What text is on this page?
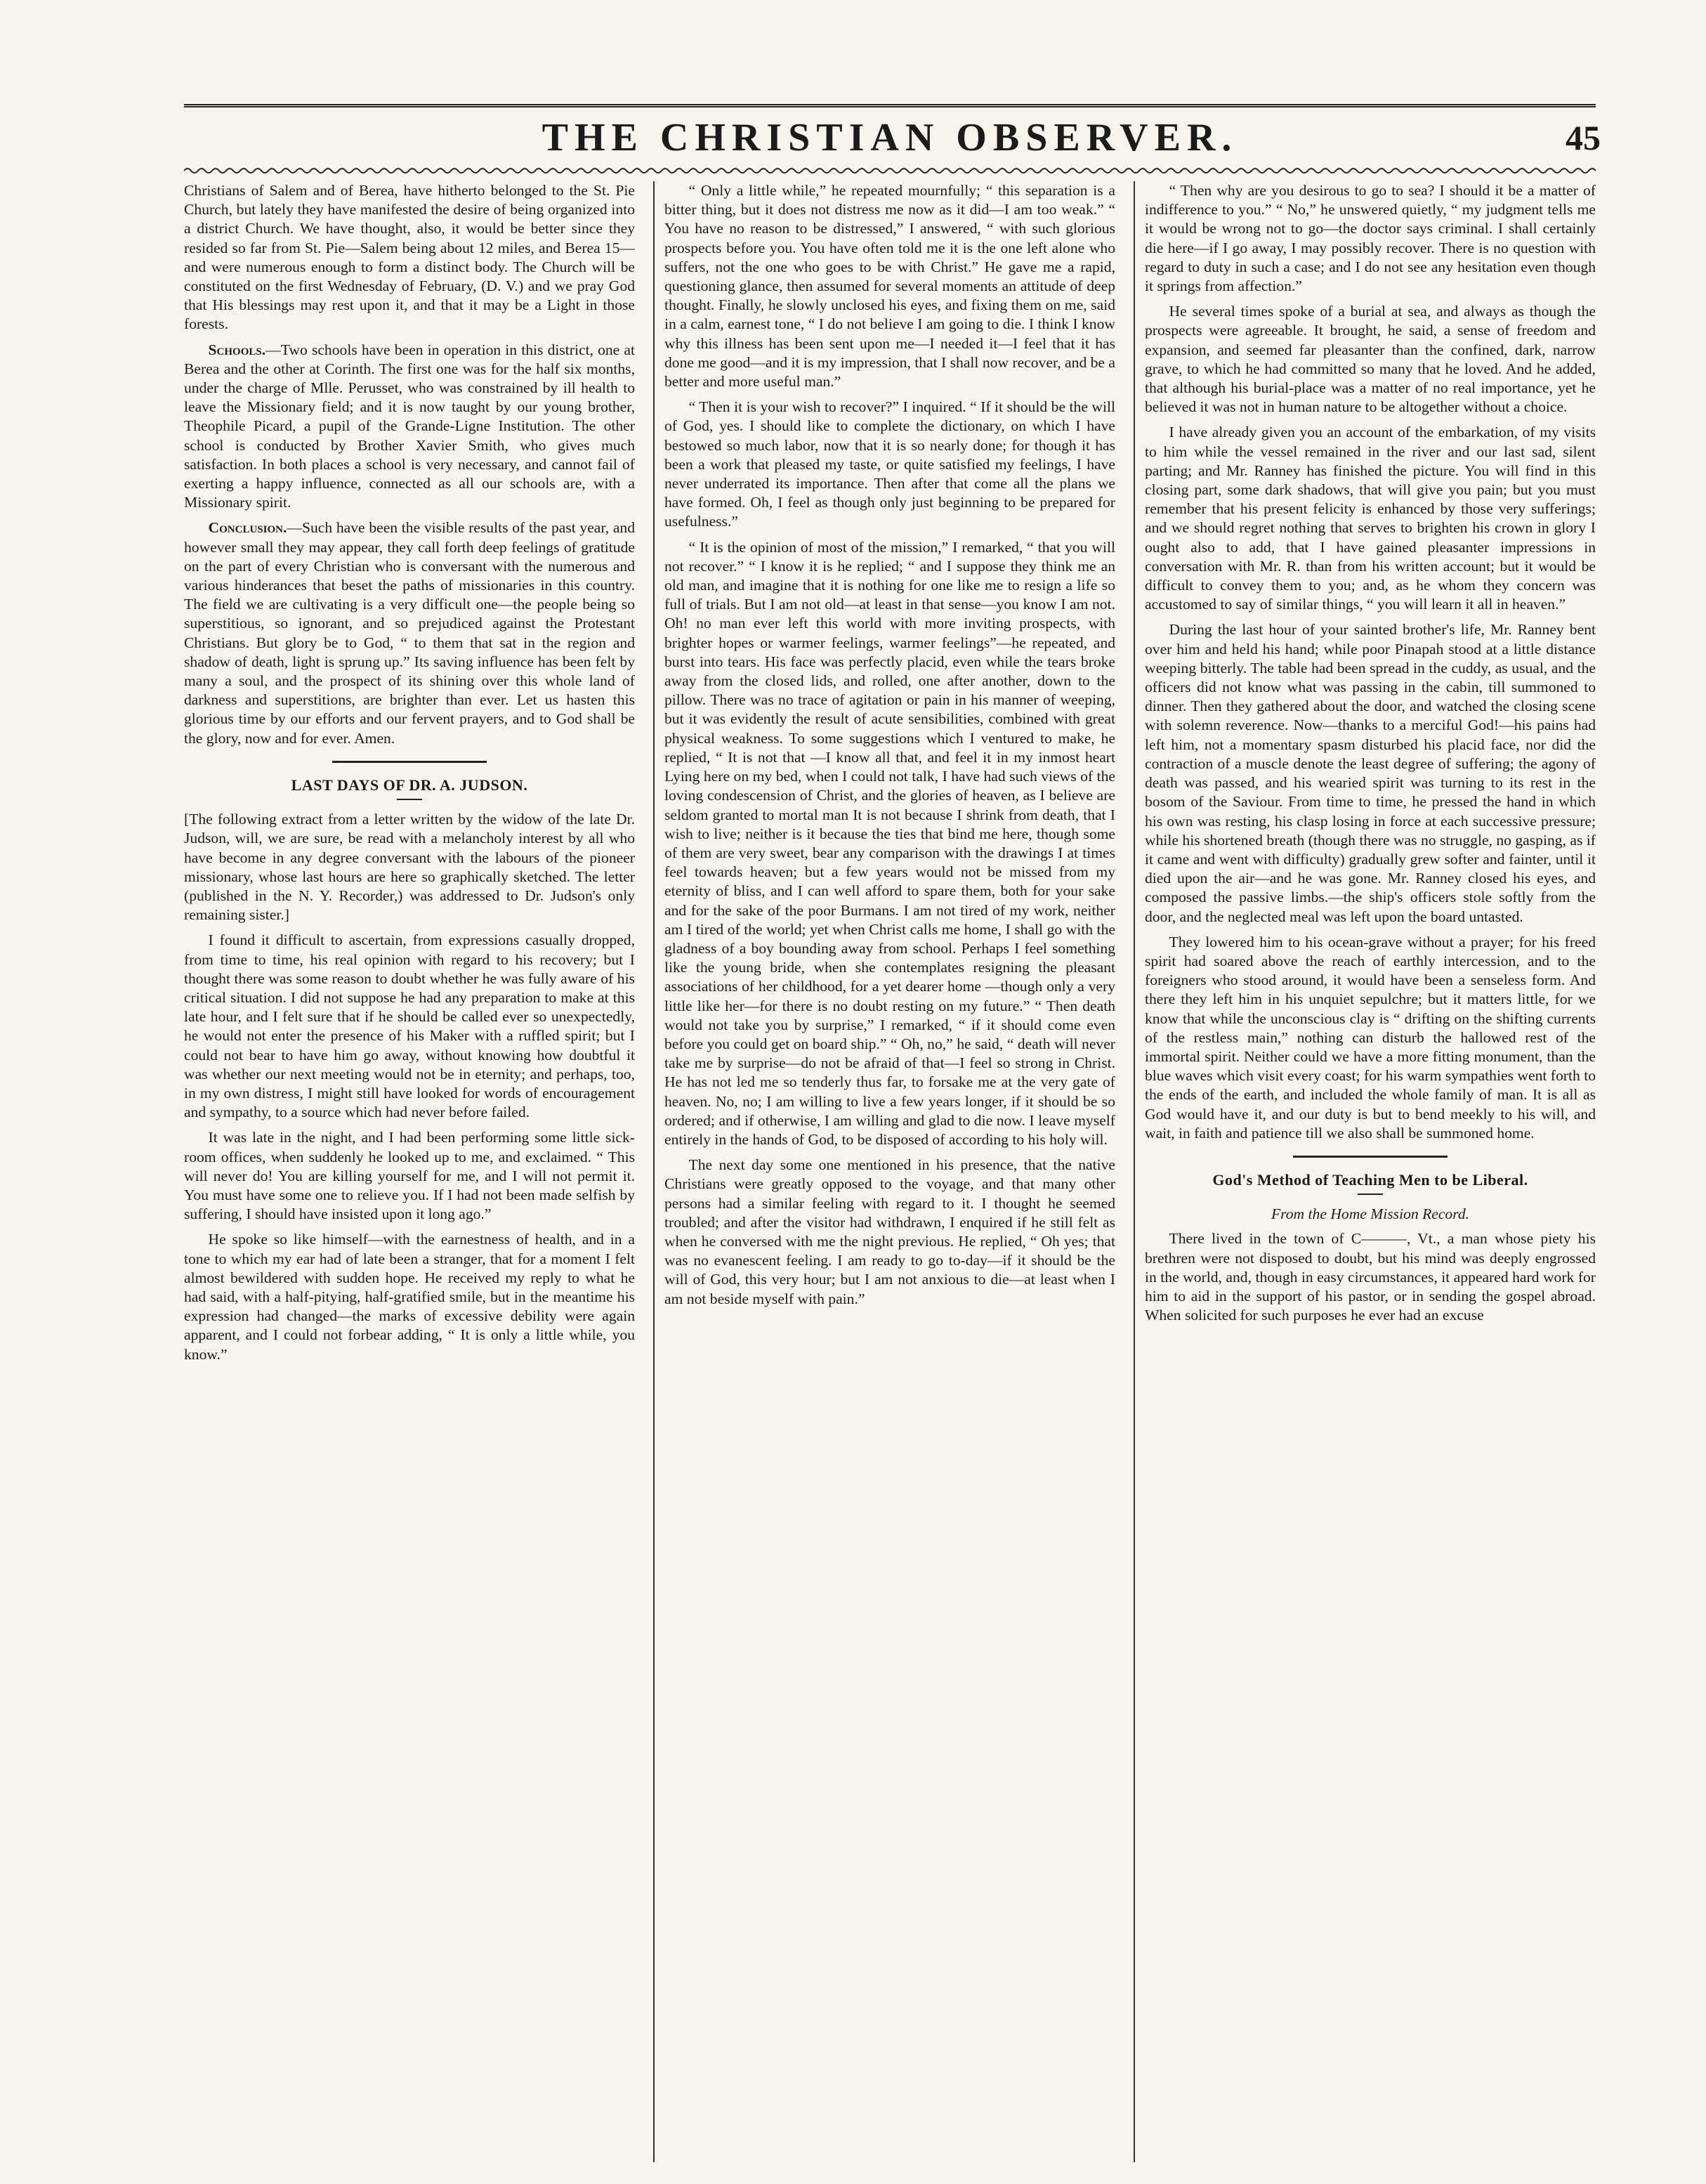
THE CHRISTIAN OBSERVER.	45

Christians of Salem and of Berea, have hitherto belonged to the St. Pie Church, but lately they have manifested the desire of being organized into a district Church. We have thought, also, it would be better since they resided so far from St. Pie—Salem being about 12 miles, and Berea 15—and were numerous enough to form a distinct body. The Church will be constituted on the first Wednesday of February, (D. V.) and we pray God that His blessings may rest upon it, and that it may be a Light in those forests.

Schools.—Two schools have been in operation in this district, one at Berea and the other at Corinth. The first one was for the half six months, under the charge of Mlle. Perusset, who was constrained by ill health to leave the Missionary field; and it is now taught by our young brother, Theophile Picard, a pupil of the Grande-Ligne Institution. The other school is conducted by Brother Xavier Smith, who gives much satisfaction. In both places a school is very necessary, and cannot fail of exerting a happy influence, connected as all our schools are, with a Missionary spirit.

Conclusion.—Such have been the visible results of the past year, and however small they may appear, they call forth deep feelings of gratitude on the part of every Christian who is conversant with the numerous and various hinderances that beset the paths of missionaries in this country. The field we are cultivating is a very difficult one—the people being so superstitious, so ignorant, and so prejudiced against the Protestant Christians. But glory be to God, “ to them that sat in the region and shadow of death, light is sprung up.” Its saving influence has been felt by many a soul, and the prospect of its shining over this whole land of darkness and superstitions, are brighter than ever. Let us hasten this glorious time by our efforts and our fervent prayers, and to God shall be the glory, now and for ever. Amen.

LAST DAYS OF DR. A. JUDSON.

[The following extract from a letter written by the widow of the late Dr. Judson, will, we are sure, be read with a melancholy interest by all who have become in any degree conversant with the labours of the pioneer missionary, whose last hours are here so graphically sketched. The letter (published in the N. Y. Recorder,) was addressed to Dr. Judson's only remaining sister.]

I found it difficult to ascertain, from expressions casually dropped, from time to time, his real opinion with regard to his recovery; but I thought there was some reason to doubt whether he was fully aware of his critical situation. I did not suppose he had any preparation to make at this late hour, and I felt sure that if he should be called ever so unexpectedly, he would not enter the presence of his Maker with a ruffled spirit; but I could not bear to have him go away, without knowing how doubtful it was whether our next meeting would not be in eternity; and perhaps, too, in my own distress, I might still have looked for words of encouragement and sympathy, to a source which had never before failed.

It was late in the night, and I had been performing some little sick-room offices, when suddenly he looked up to me, and exclaimed. “ This will never do! You are killing yourself for me, and I will not permit it. You must have some one to relieve you. If I had not been made selfish by suffering, I should have insisted upon it long ago.”

He spoke so like himself—with the earnestness of health, and in a tone to which my ear had of late been a stranger, that for a moment I felt almost bewildered with sudden hope. He received my reply to what he had said, with a half-pitying, half-gratified smile, but in the meantime his expression had changed—the marks of excessive debility were again apparent, and I could not forbear adding, “ It is only a little while, you know.”

“ Only a little while,” he repeated mournfully; “ this separation is a bitter thing, but it does not distress me now as it did—I am too weak.” “ You have no reason to be distressed,” I answered, “ with such glorious prospects before you. You have often told me it is the one left alone who suffers, not the one who goes to be with Christ.” He gave me a rapid, questioning glance, then assumed for several moments an attitude of deep thought. Finally, he slowly unclosed his eyes, and fixing them on me, said in a calm, earnest tone, “ I do not believe I am going to die. I think I know why this illness has been sent upon me—I needed it—I feel that it has done me good—and it is my impression, that I shall now recover, and be a better and more useful man.”

“ Then it is your wish to recover?” I inquired. “ If it should be the will of God, yes. I should like to complete the dictionary, on which I have bestowed so much labor, now that it is so nearly done; for though it has been a work that pleased my taste, or quite satisfied my feelings, I have never underrated its importance. Then after that come all the plans we have formed. Oh, I feel as though only just beginning to be prepared for usefulness.”

“ It is the opinion of most of the mission,” I remarked, “ that you will not recover.” “ I know it is he replied; “ and I suppose they think me an old man, and imagine that it is nothing for one like me to resign a life so full of trials. But I am not old—at least in that sense—you know I am not. Oh! no man ever left this world with more inviting prospects, with brighter hopes or warmer feelings, warmer feelings”—he repeated, and burst into tears. His face was perfectly placid, even while the tears broke away from the closed lids, and rolled, one after another, down to the pillow. There was no trace of agitation or pain in his manner of weeping, but it was evidently the result of acute sensibilities, combined with great physical weakness. To some suggestions which I ventured to make, he replied, “ It is not that —I know all that, and feel it in my inmost heart Lying here on my bed, when I could not talk, I have had such views of the loving condescension of Christ, and the glories of heaven, as I believe are seldom granted to mortal man It is not because I shrink from death, that I wish to live; neither is it because the ties that bind me here, though some of them are very sweet, bear any comparison with the drawings I at times feel towards heaven; but a few years would not be missed from my eternity of bliss, and I can well afford to spare them, both for your sake and for the sake of the poor Burmans. I am not tired of my work, neither am I tired of the world; yet when Christ calls me home, I shall go with the gladness of a boy bounding away from school. Perhaps I feel something like the young bride, when she contemplates resigning the pleasant associations of her childhood, for a yet dearer home —though only a very little like her—for there is no doubt resting on my future.” “ Then death would not take you by surprise,” I remarked, “ if it should come even before you could get on board ship.” “ Oh, no,” he said, “ death will never take me by surprise—do not be afraid of that—I feel so strong in Christ. He has not led me so tenderly thus far, to forsake me at the very gate of heaven. No, no; I am willing to live a few years longer, if it should be so ordered; and if otherwise, I am willing and glad to die now. I leave myself entirely in the hands of God, to be disposed of according to his holy will.

The next day some one mentioned in his presence, that the native Christians were greatly opposed to the voyage, and that many other persons had a similar feeling with regard to it. I thought he seemed troubled; and after the visitor had withdrawn, I enquired if he still felt as when he conversed with me the night previous. He replied, “ Oh yes; that was no evanescent feeling. I am ready to go to-day—if it should be the will of God, this very hour; but I am not anxious to die—at least when I am not beside myself with pain.”

“ Then why are you desirous to go to sea? I should it be a matter of indifference to you.” “ No,” he unswered quietly, “ my judgment tells me it would be wrong not to go—the doctor says criminal. I shall certainly die here—if I go away, I may possibly recover. There is no question with regard to duty in such a case; and I do not see any hesitation even though it springs from affection.”

He several times spoke of a burial at sea, and always as though the prospects were agreeable. It brought, he said, a sense of freedom and expansion, and seemed far pleasanter than the confined, dark, narrow grave, to which he had committed so many that he loved. And he added, that although his burial-place was a matter of no real importance, yet he believed it was not in human nature to be altogether without a choice.

I have already given you an account of the embarkation, of my visits to him while the vessel remained in the river and our last sad, silent parting; and Mr. Ranney has finished the picture. You will find in this closing part, some dark shadows, that will give you pain; but you must remember that his present felicity is enhanced by those very sufferings; and we should regret nothing that serves to brighten his crown in glory I ought also to add, that I have gained pleasanter impressions in conversation with Mr. R. than from his written account; but it would be difficult to convey them to you; and, as he whom they concern was accustomed to say of similar things, “ you will learn it all in heaven.”

During the last hour of your sainted brother's life, Mr. Ranney bent over him and held his hand; while poor Pinapah stood at a little distance weeping bitterly. The table had been spread in the cuddy, as usual, and the officers did not know what was passing in the cabin, till summoned to dinner. Then they gathered about the door, and watched the closing scene with solemn reverence. Now—thanks to a merciful God!—his pains had left him, not a momentary spasm disturbed his placid face, nor did the contraction of a muscle denote the least degree of suffering; the agony of death was passed, and his wearied spirit was turning to its rest in the bosom of the Saviour. From time to time, he pressed the hand in which his own was resting, his clasp losing in force at each successive pressure; while his shortened breath (though there was no struggle, no gasping, as if it came and went with difficulty) gradually grew softer and fainter, until it died upon the air—and he was gone. Mr. Ranney closed his eyes, and composed the passive limbs.—the ship's officers stole softly from the door, and the neglected meal was left upon the board untasted.

They lowered him to his ocean-grave without a prayer; for his freed spirit had soared above the reach of earthly intercession, and to the foreigners who stood around, it would have been a senseless form. And there they left him in his unquiet sepulchre; but it matters little, for we know that while the unconscious clay is “ drifting on the shifting currents of the restless main,” nothing can disturb the hallowed rest of the immortal spirit. Neither could we have a more fitting monument, than the blue waves which visit every coast; for his warm sympathies went forth to the ends of the earth, and included the whole family of man. It is all as God would have it, and our duty is but to bend meekly to his will, and wait, in faith and patience till we also shall be summoned home.

God's Method of Teaching Men to be Liberal.

From the Home Mission Record.

There lived in the town of C———, Vt., a man whose piety his brethren were not disposed to doubt, but his mind was deeply engrossed in the world, and, though in easy circumstances, it appeared hard work for him to aid in the support of his pastor, or in sending the gospel abroad. When solicited for such purposes he ever had an excuse
